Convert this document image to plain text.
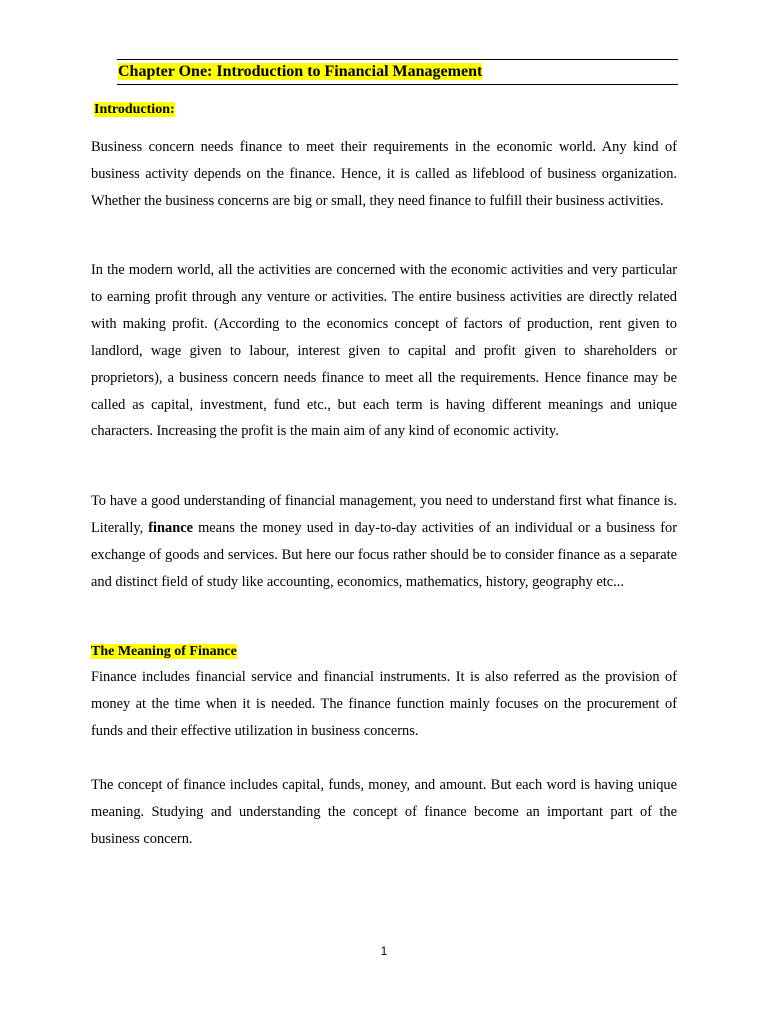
Chapter One: Introduction to Financial Management
Introduction:

Business concern needs finance to meet their requirements in the economic world. Any kind of business activity depends on the finance. Hence, it is called as lifeblood of business organization. Whether the business concerns are big or small, they need finance to fulfill their business activities.

In the modern world, all the activities are concerned with the economic activities and very particular to earning profit through any venture or activities. The entire business activities are directly related with making profit. (According to the economics concept of factors of production, rent given to landlord, wage given to labour, interest given to capital and profit given to shareholders or proprietors), a business concern needs finance to meet all the requirements. Hence finance may be called as capital, investment, fund etc., but each term is having different meanings and unique characters. Increasing the profit is the main aim of any kind of economic activity.

To have a good understanding of financial management, you need to understand first what finance is. Literally, finance means the money used in day-to-day activities of an individual or a business for exchange of goods and services. But here our focus rather should be to consider finance as a separate and distinct field of study like accounting, economics, mathematics, history, geography etc...

The Meaning of Finance

Finance includes financial service and financial instruments. It is also referred as the provision of money at the time when it is needed. The finance function mainly focuses on the procurement of funds and their effective utilization in business concerns.

The concept of finance includes capital, funds, money, and amount. But each word is having unique meaning. Studying and understanding the concept of finance become an important part of the business concern.

1
